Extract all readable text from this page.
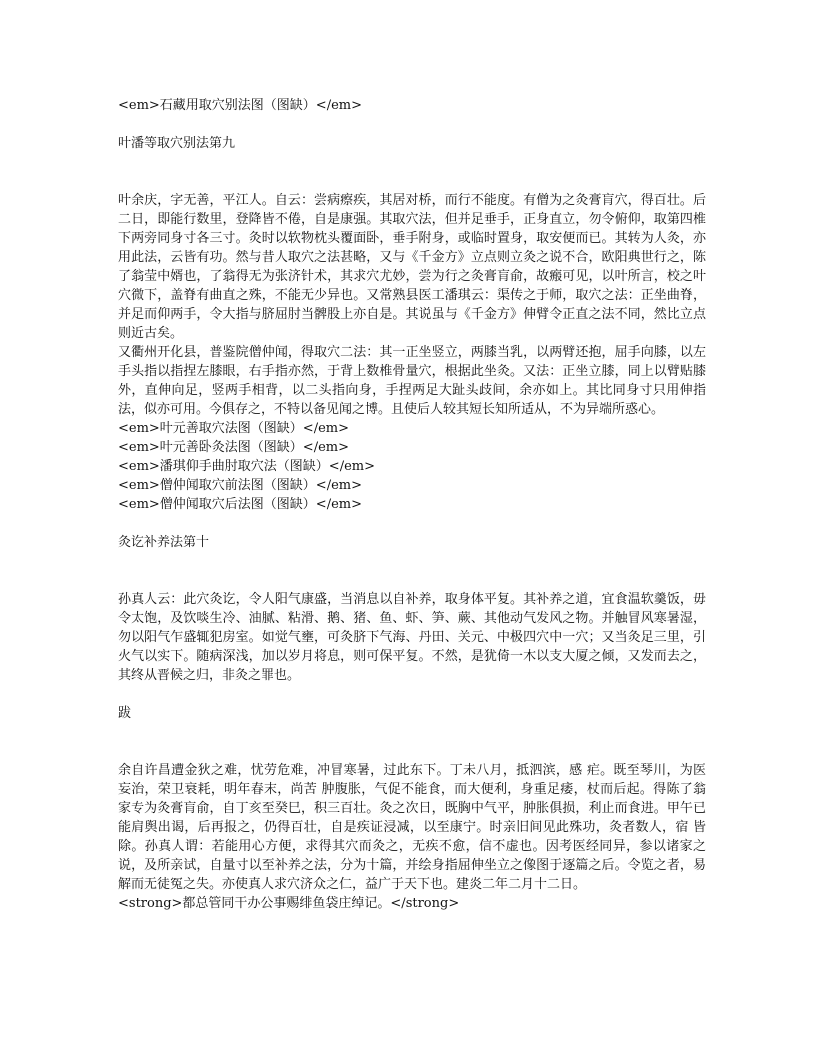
<em>石藏用取穴别法图（图缺）</em>
叶潘等取穴别法第九

叶余庆，字无善，平江人。自云：尝病瘵疾，其居对桥，而行不能度。有僧为之灸膏肓穴，得百壮。后二日，即能行数里，登降皆不倦，自是康强。其取穴法，但并足垂手，正身直立，勿令俯仰，取第四椎下两旁同身寸各三寸。灸时以软物枕头覆面卧，垂手附身，或临时置身，取安便而已。其转为人灸，亦用此法，云皆有功。然与昔人取穴之法甚略，又与《千金方》立点则立灸之说不合，欧阳典世行之，陈了翁莹中婿也，了翁得无为张济针术，其求穴尤妙，尝为行之灸膏肓俞，故瘢可见，以叶所言，校之叶穴微下，盖脊有曲直之殊，不能无少异也。又常熟县医工潘琪云：渠传之于师，取穴之法：正坐曲脊，并足而仰两手，令大指与脐屈肘当髀股上亦自是。其说虽与《千金方》伸臂令正直之法不同，然比立点则近古矣。

又衢州开化县，普鉴院僧仲闻，得取穴二法：其一正坐竖立，两膝当乳，以两臂还抱，屈手向膝，以左手头指以指捏左膝眼，右手指亦然，于背上数椎骨量穴，根据此坐灸。又法：正坐立膝，同上以臂贴膝外，直伸向足，竖两手相背，以二头指向身，手捏两足大趾头歧间，余亦如上。其比同身寸只用伸指法，似亦可用。今俱存之，不特以备见闻之博。且使后人较其短长知所适从，不为异端所惑心。

<em>叶元善取穴法图（图缺）</em>
<em>叶元善卧灸法图（图缺）</em>
<em>潘琪仰手曲肘取穴法（图缺）</em>
<em>僧仲闻取穴前法图（图缺）</em>
<em>僧仲闻取穴后法图（图缺）</em>
灸讫补养法第十

孙真人云：此穴灸讫，令人阳气康盛，当消息以自补养，取身体平复。其补养之道，宜食温软羹饭，毋令太饱，及饮啖生冷、油腻、粘滑、鹅、猪、鱼、虾、笋、蕨、其他动气发风之物。并触冒风寒暑湿，勿以阳气乍盛辄犯房室。如觉气壅，可灸脐下气海、丹田、关元、中极四穴中一穴；又当灸足三里，引火气以实下。随病深浅，加以岁月将息，则可保平复。不然，是犹倚一木以支大厦之倾，又发而去之，其终从晋候之归，非灸之罪也。

跋

余自许昌遭金狄之难，忧劳危难，冲冒寒暑，过此东下。丁未八月，抵泗滨，感 疟。既至琴川，为医妄治，荣卫衰耗，明年春末，尚苦 肿腹胀，气促不能食，而大便利，身重足痿，杖而后起。得陈了翁家专为灸膏肓俞，自丁亥至癸巳，积三百壮。灸之次日，既胸中气平，肿胀俱损，利止而食进。甲午已能肩舆出谒，后再报之，仍得百壮，自是疾证浸减，以至康宁。时亲旧间见此殊功，灸者数人，宿 皆除。孙真人谓：若能用心方便，求得其穴而灸之，无疾不愈，信不虚也。因考医经同异，参以诸家之说，及所亲试，自量寸以至补养之法，分为十篇，并绘身指屈伸坐立之像图于逐篇之后。令览之者，易解而无徒冤之失。亦使真人求穴济众之仁，益广于天下也。建炎二年二月十二日。

<strong>都总管同干办公事赐绯鱼袋庄绰记。</strong>
